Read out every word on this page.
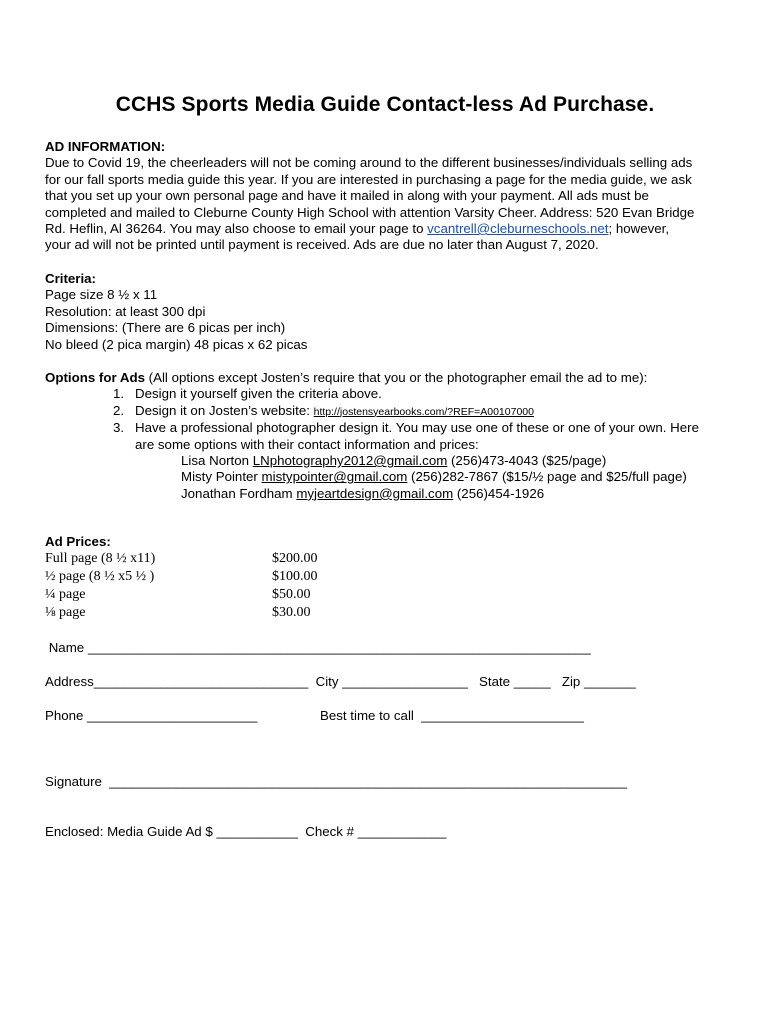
CCHS Sports Media Guide Contact-less Ad Purchase.
AD INFORMATION:
Due to Covid 19, the cheerleaders will not be coming around to the different businesses/individuals selling ads
for our fall sports media guide this year. If you are interested in purchasing a page for the media guide, we ask
that you set up your own personal page and have it mailed in along with your payment. All ads must be
completed and mailed to Cleburne County High School with attention Varsity Cheer. Address: 520 Evan Bridge
Rd. Heflin, Al 36264. You may also choose to email your page to vcantrell@cleburneschools.net; however,
your ad will not be printed until payment is received. Ads are due no later than August 7, 2020.
Criteria:
Page size 8 ½ x 11
Resolution: at least 300 dpi
Dimensions: (There are 6 picas per inch)
No bleed (2 pica margin) 48 picas x 62 picas
Options for Ads (All options except Josten’s require that you or the photographer email the ad to me):
1. Design it yourself given the criteria above.
2. Design it on Josten’s website: http://jostensyearbooks.com/?REF=A00107000
3. Have a professional photographer design it. You may use one of these or one of your own. Here
are some options with their contact information and prices:
Lisa Norton LNphotography2012@gmail.com (256)473-4043 ($25/page)
Misty Pointer mistypointer@gmail.com (256)282-7867 ($15/½ page and $25/full page)
Jonathan Fordham myjeartdesign@gmail.com (256)454-1926
Ad Prices:
Full page (8 ½ x11)	$200.00
½ page (8 ½ x5 ½ )	$100.00
¼ page	$50.00
⅛ page	$30.00
Name ____________________________________________________________________
Address_____________________________  City _________________   State _____   Zip _______
Phone _______________________	Best time to call  ______________________
Signature  ______________________________________________________________________
Enclosed: Media Guide Ad $ ___________  Check # ____________
